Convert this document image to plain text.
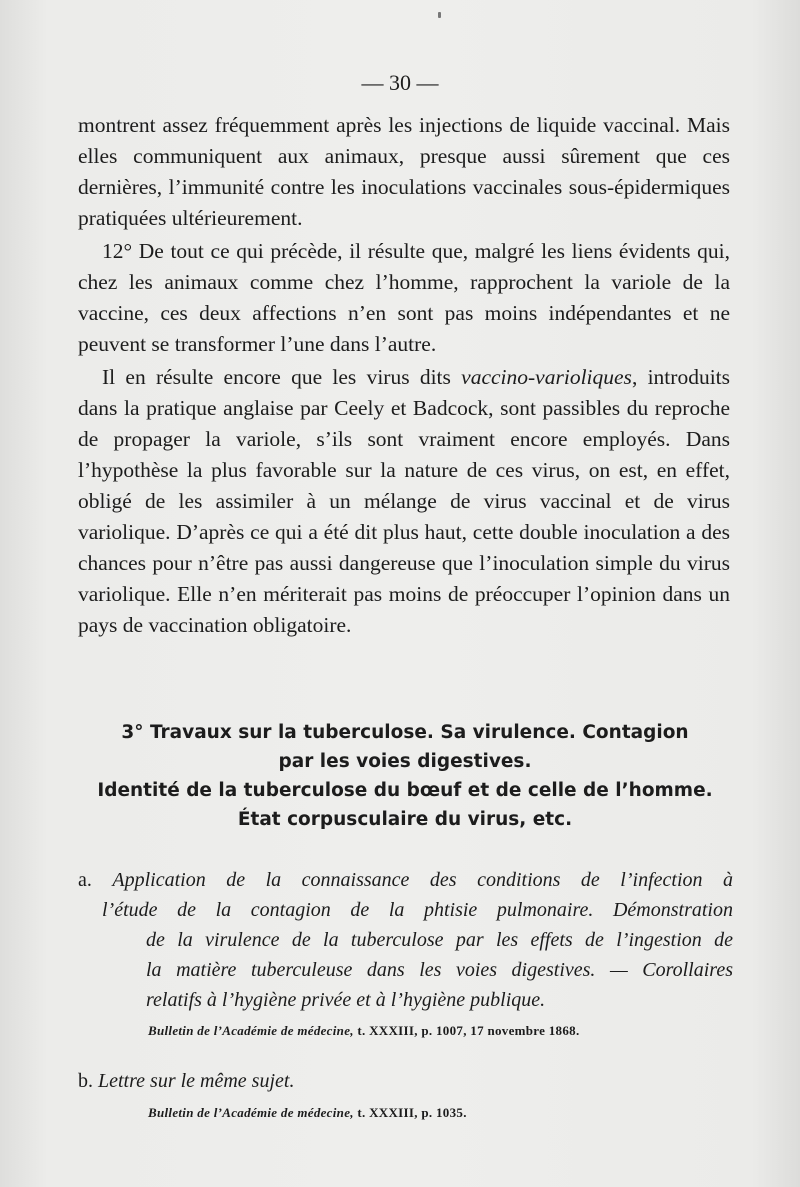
— 30 —

montrent assez fréquemment après les injections de liquide vaccinal. Mais elles communiquent aux animaux, presque aussi sûrement que ces dernières, l’immunité contre les inoculations vaccinales sous-épidermiques pratiquées ultérieurement.

12° De tout ce qui précède, il résulte que, malgré les liens évidents qui, chez les animaux comme chez l’homme, rapprochent la variole de la vaccine, ces deux affections n’en sont pas moins indépendantes et ne peuvent se transformer l’une dans l’autre.

Il en résulte encore que les virus dits vaccino-varioliques, introduits dans la pratique anglaise par Ceely et Badcock, sont passibles du reproche de propager la variole, s’ils sont vraiment encore employés. Dans l’hypothèse la plus favorable sur la nature de ces virus, on est, en effet, obligé de les assimiler à un mélange de virus vaccinal et de virus variolique. D’après ce qui a été dit plus haut, cette double inoculation a des chances pour n’être pas aussi dangereuse que l’inoculation simple du virus variolique. Elle n’en mériterait pas moins de préoccuper l’opinion dans un pays de vaccination obligatoire.

3° Travaux sur la tuberculose. Sa virulence. Contagion
par les voies digestives.
Identité de la tuberculose du bœuf et de celle de l’homme.
État corpusculaire du virus, etc.
a. Application de la connaissance des conditions de l’infection à
l’étude de la contagion de la phtisie pulmonaire. Démonstration
de la virulence de la tuberculose par les effets de l’ingestion de
la matière tuberculeuse dans les voies digestives. — Corollaires
relatifs à l’hygiène privée et à l’hygiène publique.
Bulletin de l’Académie de médecine, t. XXXIII, p. 1007, 17 novembre 1868.
b. Lettre sur le même sujet.
Bulletin de l’Académie de médecine, t. XXXIII, p. 1035.
